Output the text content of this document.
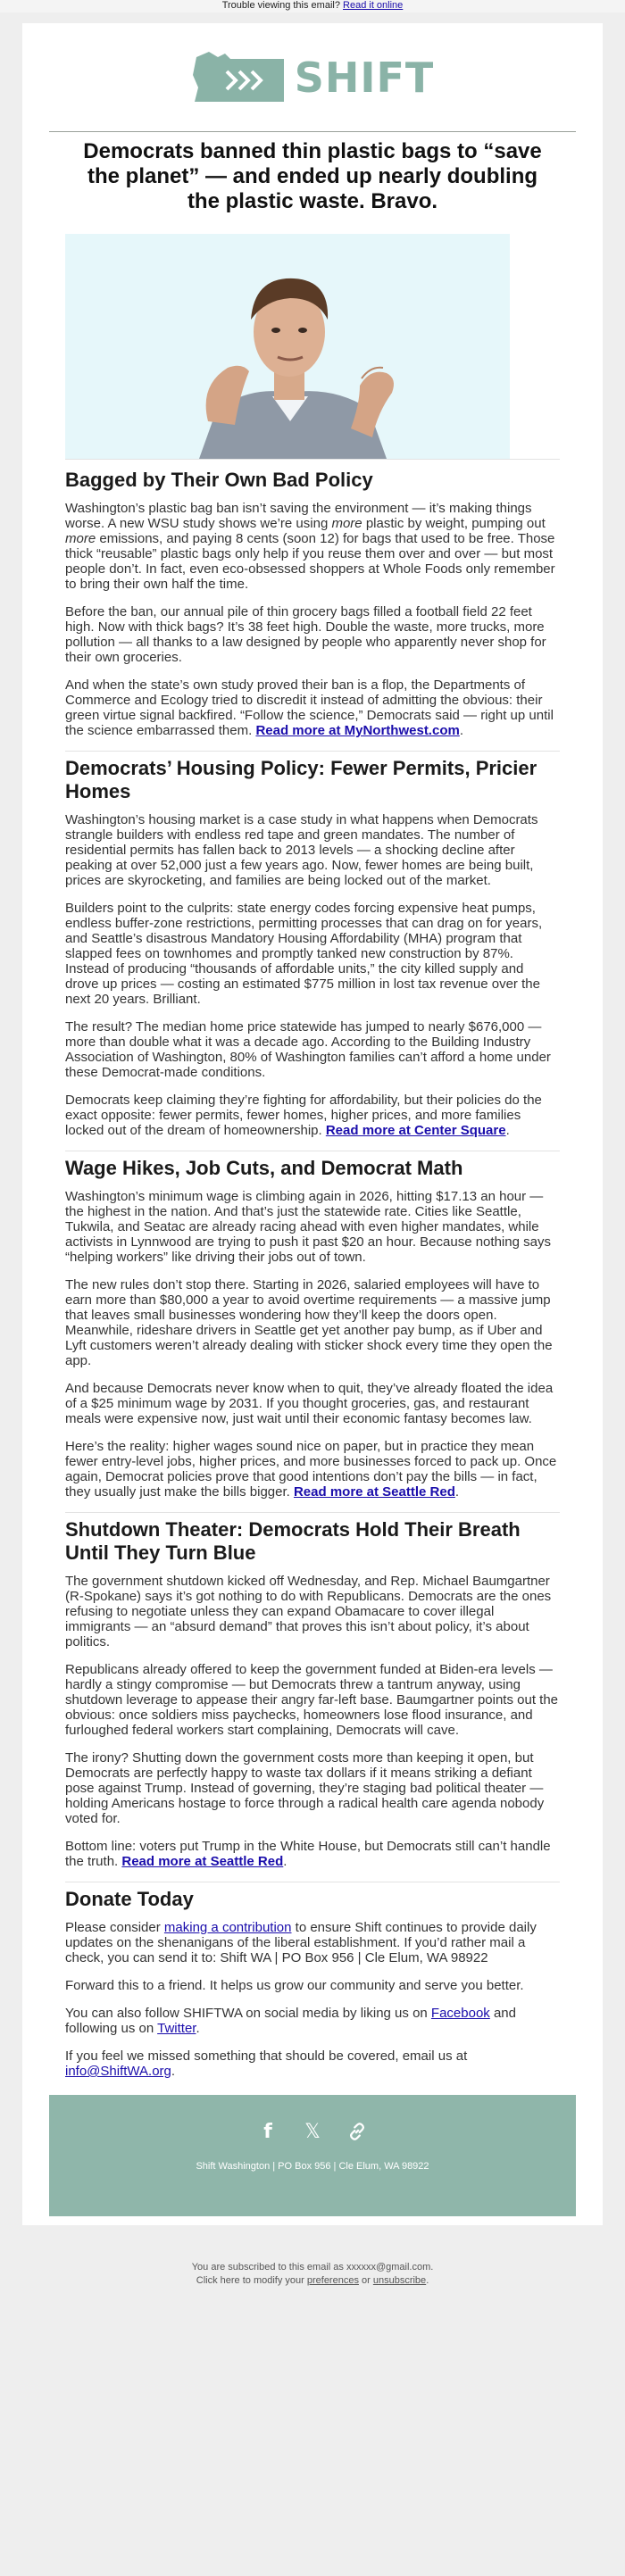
Trouble viewing this email? Read it online
SHIFT
Democrats banned thin plastic bags to “save the planet” — and ended up nearly doubling the plastic waste. Bravo.
Bagged by Their Own Bad Policy

Washington’s plastic bag ban isn’t saving the environment — it’s making things worse. A new WSU study shows we’re using more plastic by weight, pumping out more emissions, and paying 8 cents (soon 12) for bags that used to be free. Those thick “reusable” plastic bags only help if you reuse them over and over — but most people don’t. In fact, even eco-obsessed shoppers at Whole Foods only remember to bring their own half the time.

Before the ban, our annual pile of thin grocery bags filled a football field 22 feet high. Now with thick bags? It’s 38 feet high. Double the waste, more trucks, more pollution — all thanks to a law designed by people who apparently never shop for their own groceries.

And when the state’s own study proved their ban is a flop, the Departments of Commerce and Ecology tried to discredit it instead of admitting the obvious: their green virtue signal backfired. “Follow the science,” Democrats said — right up until the science embarrassed them. Read more at MyNorthwest.com.

Democrats’ Housing Policy: Fewer Permits, Pricier Homes

Washington’s housing market is a case study in what happens when Democrats strangle builders with endless red tape and green mandates. The number of residential permits has fallen back to 2013 levels — a shocking decline after peaking at over 52,000 just a few years ago. Now, fewer homes are being built, prices are skyrocketing, and families are being locked out of the market.

Builders point to the culprits: state energy codes forcing expensive heat pumps, endless buffer-zone restrictions, permitting processes that can drag on for years, and Seattle’s disastrous Mandatory Housing Affordability (MHA) program that slapped fees on townhomes and promptly tanked new construction by 87%. Instead of producing “thousands of affordable units,” the city killed supply and drove up prices — costing an estimated $775 million in lost tax revenue over the next 20 years. Brilliant.

The result? The median home price statewide has jumped to nearly $676,000 — more than double what it was a decade ago. According to the Building Industry Association of Washington, 80% of Washington families can’t afford a home under these Democrat-made conditions.

Democrats keep claiming they’re fighting for affordability, but their policies do the exact opposite: fewer permits, fewer homes, higher prices, and more families locked out of the dream of homeownership. Read more at Center Square.

Wage Hikes, Job Cuts, and Democrat Math

Washington’s minimum wage is climbing again in 2026, hitting $17.13 an hour — the highest in the nation. And that’s just the statewide rate. Cities like Seattle, Tukwila, and Seatac are already racing ahead with even higher mandates, while activists in Lynnwood are trying to push it past $20 an hour. Because nothing says “helping workers” like driving their jobs out of town.

The new rules don’t stop there. Starting in 2026, salaried employees will have to earn more than $80,000 a year to avoid overtime requirements — a massive jump that leaves small businesses wondering how they’ll keep the doors open. Meanwhile, rideshare drivers in Seattle get yet another pay bump, as if Uber and Lyft customers weren’t already dealing with sticker shock every time they open the app.

And because Democrats never know when to quit, they’ve already floated the idea of a $25 minimum wage by 2031. If you thought groceries, gas, and restaurant meals were expensive now, just wait until their economic fantasy becomes law.

Here’s the reality: higher wages sound nice on paper, but in practice they mean fewer entry-level jobs, higher prices, and more businesses forced to pack up. Once again, Democrat policies prove that good intentions don’t pay the bills — in fact, they usually just make the bills bigger. Read more at Seattle Red.

Shutdown Theater: Democrats Hold Their Breath Until They Turn Blue

The government shutdown kicked off Wednesday, and Rep. Michael Baumgartner (R-Spokane) says it’s got nothing to do with Republicans. Democrats are the ones refusing to negotiate unless they can expand Obamacare to cover illegal immigrants — an “absurd demand” that proves this isn’t about policy, it’s about politics.

Republicans already offered to keep the government funded at Biden-era levels — hardly a stingy compromise — but Democrats threw a tantrum anyway, using shutdown leverage to appease their angry far-left base. Baumgartner points out the obvious: once soldiers miss paychecks, homeowners lose flood insurance, and furloughed federal workers start complaining, Democrats will cave.

The irony? Shutting down the government costs more than keeping it open, but Democrats are perfectly happy to waste tax dollars if it means striking a defiant pose against Trump. Instead of governing, they’re staging bad political theater — holding Americans hostage to force through a radical health care agenda nobody voted for.

Bottom line: voters put Trump in the White House, but Democrats still can’t handle the truth. Read more at Seattle Red.

Donate Today

Please consider making a contribution to ensure Shift continues to provide daily updates on the shenanigans of the liberal establishment. If you’d rather mail a check, you can send it to: Shift WA | PO Box 956 | Cle Elum, WA 98922

Forward this to a friend. It helps us grow our community and serve you better.

You can also follow SHIFTWA on social media by liking us on Facebook and following us on Twitter.

If you feel we missed something that should be covered, email us at info@ShiftWA.org.

f	𝕏
Shift Washington | PO Box 956 | Cle Elum, WA 98922
You are subscribed to this email as xxxxxx@gmail.com.
Click here to modify your preferences or unsubscribe.
